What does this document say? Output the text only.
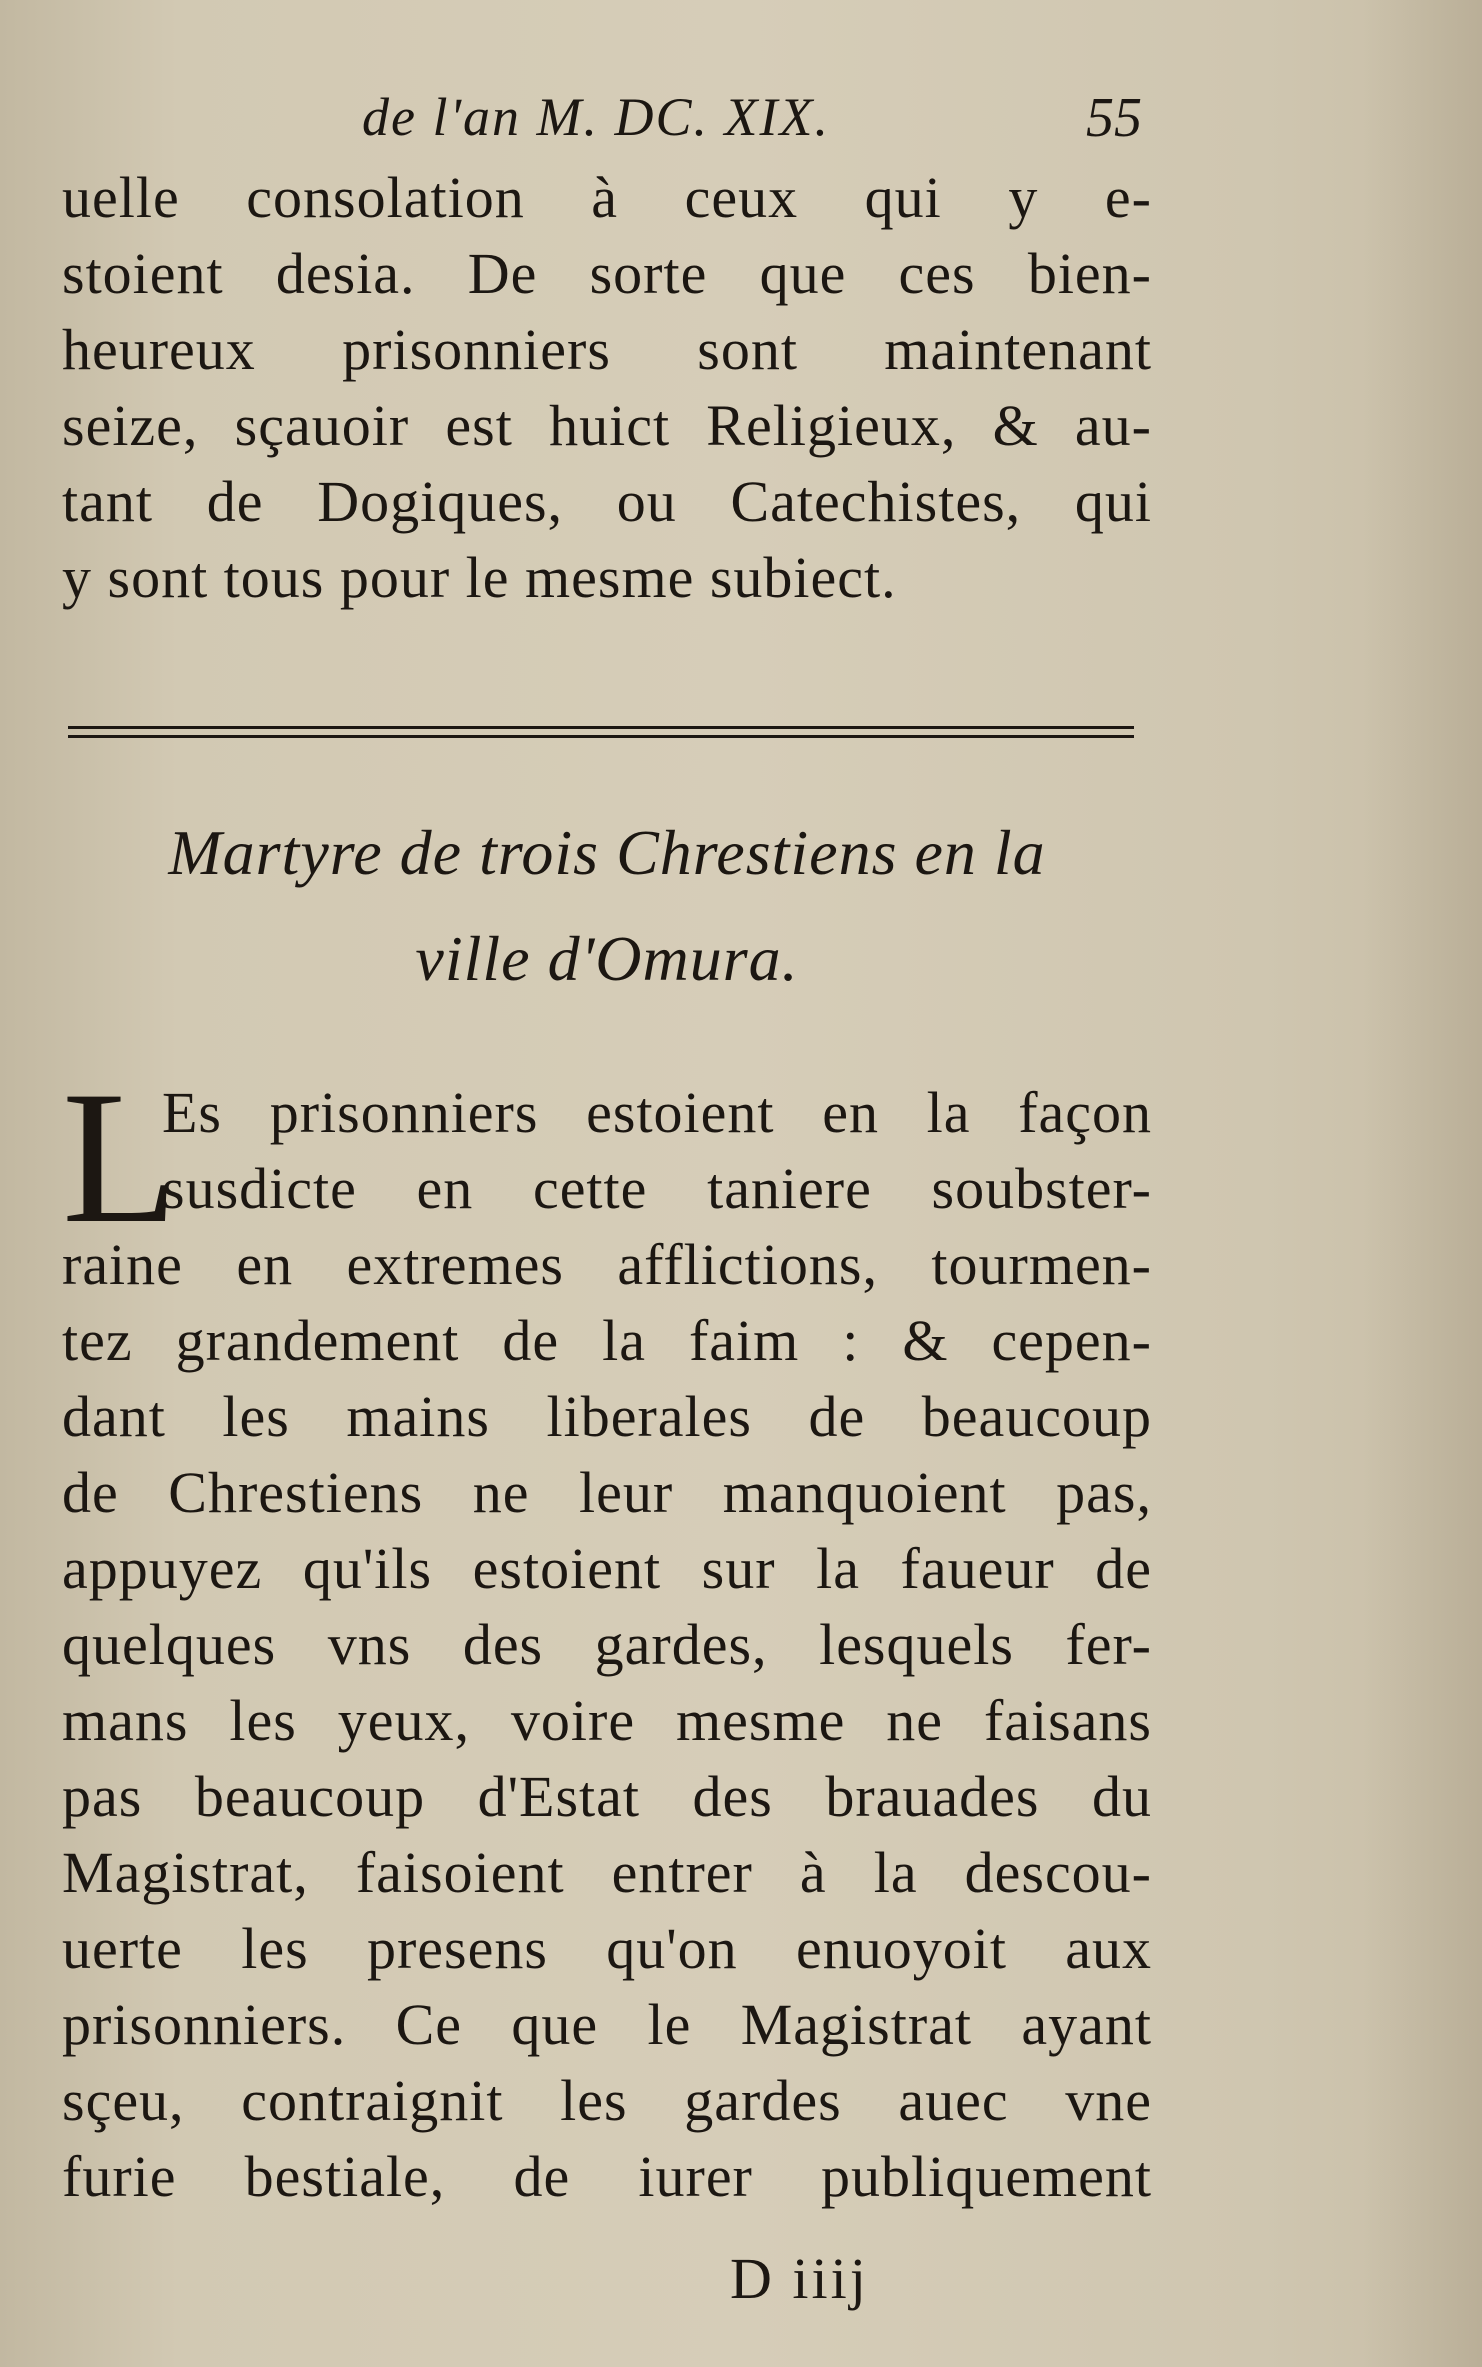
de l'an M. DC. XIX.	55
uelle consolation à ceux qui y e-
stoient desia. De sorte que ces bien-
heureux prisonniers sont maintenant
seize, sçauoir est huict Religieux, & au-
tant de Dogiques, ou Catechistes, qui
y sont tous pour le mesme subiect.
Martyre de trois Chrestiens en la
ville d'Omura.
L
Es prisonniers estoient en la façon
susdicte en cette taniere soubster-
raine en extremes afflictions, tourmen-
tez grandement de la faim : & cepen-
dant les mains liberales de beaucoup
de Chrestiens ne leur manquoient pas,
appuyez qu'ils estoient sur la faueur de
quelques vns des gardes, lesquels fer-
mans les yeux, voire mesme ne faisans
pas beaucoup d'Estat des brauades du
Magistrat, faisoient entrer à la descou-
uerte les presens qu'on enuoyoit aux
prisonniers. Ce que le Magistrat ayant
sçeu, contraignit les gardes auec vne
furie bestiale, de iurer publiquement
D iiij
